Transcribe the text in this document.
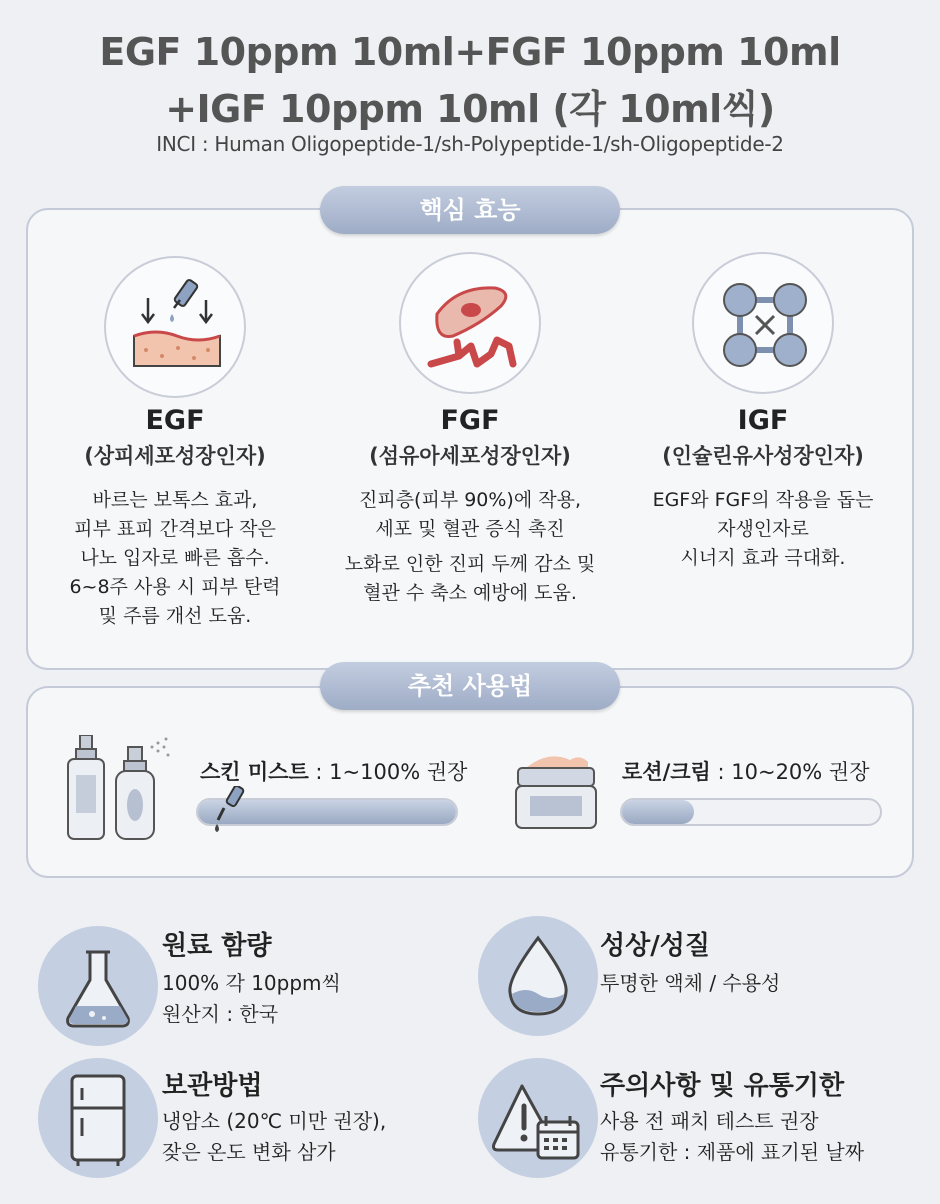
EGF 10ppm 10ml+FGF 10ppm 10ml
+IGF 10ppm 10ml (각 10ml씩)
INCI : Human Oligopeptide-1/sh-Polypeptide-1/sh-Oligopeptide-2
핵심 효능
EGF
(상피세포성장인자)
바르는 보톡스 효과,
피부 표피 간격보다 작은
나노 입자로 빠른 흡수.
6~8주 사용 시 피부 탄력
및 주름 개선 도움.
FGF
(섬유아세포성장인자)
진피층(피부 90%)에 작용,
세포 및 혈관 증식 촉진
노화로 인한 진피 두께 감소 및
혈관 수 축소 예방에 도움.
IGF
(인슐린유사성장인자)
EGF와 FGF의 작용을 돕는
자생인자로
시너지 효과 극대화.
추천 사용법
스킨 미스트 : 1~100% 권장	로션/크림 : 10~20% 권장
원료 함량
100% 각 10ppm씩
원산지 : 한국
성상/성질
투명한 액체 / 수용성
보관방법
냉암소 (20℃ 미만 권장),
잦은 온도 변화 삼가
주의사항 및 유통기한
사용 전 패치 테스트 권장
유통기한 : 제품에 표기된 날짜
